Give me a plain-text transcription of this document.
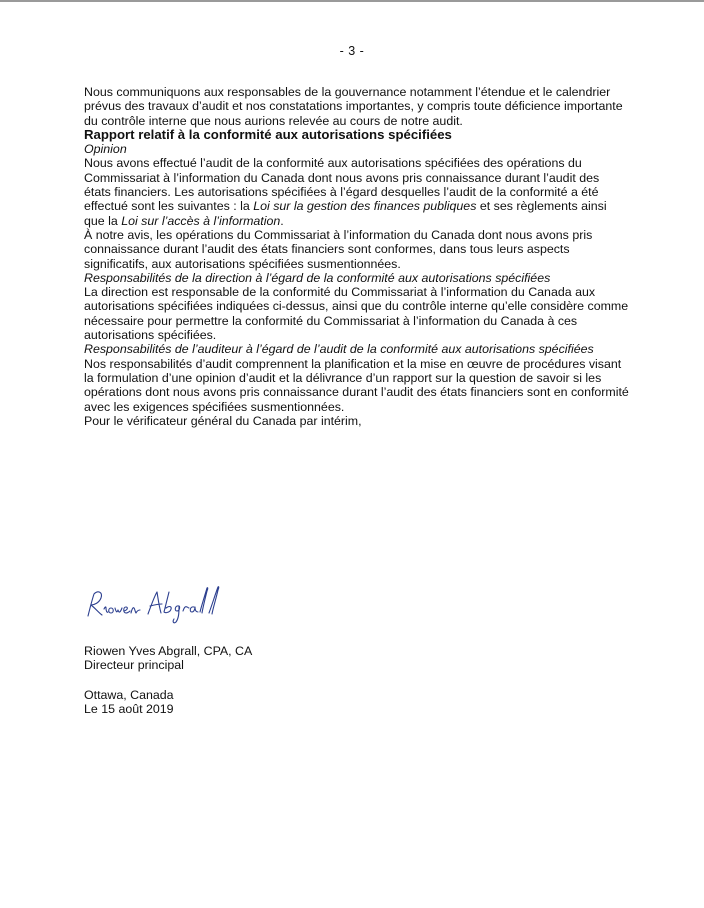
- 3 -

Nous communiquons aux responsables de la gouvernance notamment l’étendue et le calendrier prévus des travaux d’audit et nos constatations importantes, y compris toute déficience importante du contrôle interne que nous aurions relevée au cours de notre audit.

Rapport relatif à la conformité aux autorisations spécifiées

Opinion

Nous avons effectué l’audit de la conformité aux autorisations spécifiées des opérations du Commissariat à l’information du Canada dont nous avons pris connaissance durant l’audit des états financiers. Les autorisations spécifiées à l’égard desquelles l’audit de la conformité a été effectué sont les suivantes : la Loi sur la gestion des finances publiques et ses règlements ainsi que la Loi sur l’accès à l’information.

À notre avis, les opérations du Commissariat à l’information du Canada dont nous avons pris connaissance durant l’audit des états financiers sont conformes, dans tous leurs aspects significatifs, aux autorisations spécifiées susmentionnées.

Responsabilités de la direction à l’égard de la conformité aux autorisations spécifiées

La direction est responsable de la conformité du Commissariat à l’information du Canada aux autorisations spécifiées indiquées ci-dessus, ainsi que du contrôle interne qu’elle considère comme nécessaire pour permettre la conformité du Commissariat à l’information du Canada à ces autorisations spécifiées.

Responsabilités de l’auditeur à l’égard de l’audit de la conformité aux autorisations spécifiées

Nos responsabilités d’audit comprennent la planification et la mise en œuvre de procédures visant la formulation d’une opinion d’audit et la délivrance d’un rapport sur la question de savoir si les opérations dont nous avons pris connaissance durant l’audit des états financiers sont en conformité avec les exigences spécifiées susmentionnées.

Pour le vérificateur général du Canada par intérim,

Riowen Yves Abgrall, CPA, CA
Directeur principal
Ottawa, Canada
Le 15 août 2019
